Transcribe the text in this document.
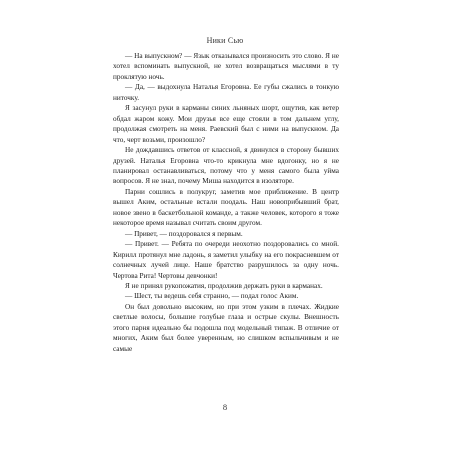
Ники Сью

— На выпускном? — Язык отказывался произносить это слово. Я не хотел вспоминать выпускной, не хотел возвращаться мыслями в ту проклятую ночь.

— Да, — выдохнула Наталья Егоровна. Ее губы сжались в тонкую ниточку.

Я засунул руки в карманы синих льняных шорт, ощутив, как ветер обдал жаром кожу. Мои друзья все еще стояли в том дальнем углу, продолжая смотреть на меня. Раевский был с ними на выпускном. Да что, черт возьми, произошло?

Не дождавшись ответов от классной, я двинулся в сторону бывших друзей. Наталья Егоровна что-то крикнула мне вдогонку, но я не планировал останавливаться, потому что у меня самого была уйма вопросов. Я не знал, почему Миша находится в изоляторе.

Парни сошлись в полукруг, заметив мое приближение. В центр вышел Аким, остальные встали поодаль. Наш новоприбывший брат, новое звено в баскетбольной команде, а также человек, которого я тоже некоторое время называл считать своим другом.

— Привет, — поздоровался я первым.

— Привет. — Ребята по очереди неохотно поздоровались со мной. Кирилл протянул мне ладонь, я заметил улыбку на его покрасневшем от солнечных лучей лице. Наше братство разрушилось за одну ночь. Чертова Рита! Чертовы девчонки!

Я не принял рукопожатия, продолжив держать руки в карманах.

— Шест, ты ведешь себя странно, — подал голос Аким.

Он был довольно высоким, но при этом узким в плечах. Жидкие светлые волосы, большие голубые глаза и острые скулы. Внешность этого парня идеально бы подошла под модельный типаж. В отличие от многих, Аким был более уверенным, но слишком вспыльчивым и не самые

8
